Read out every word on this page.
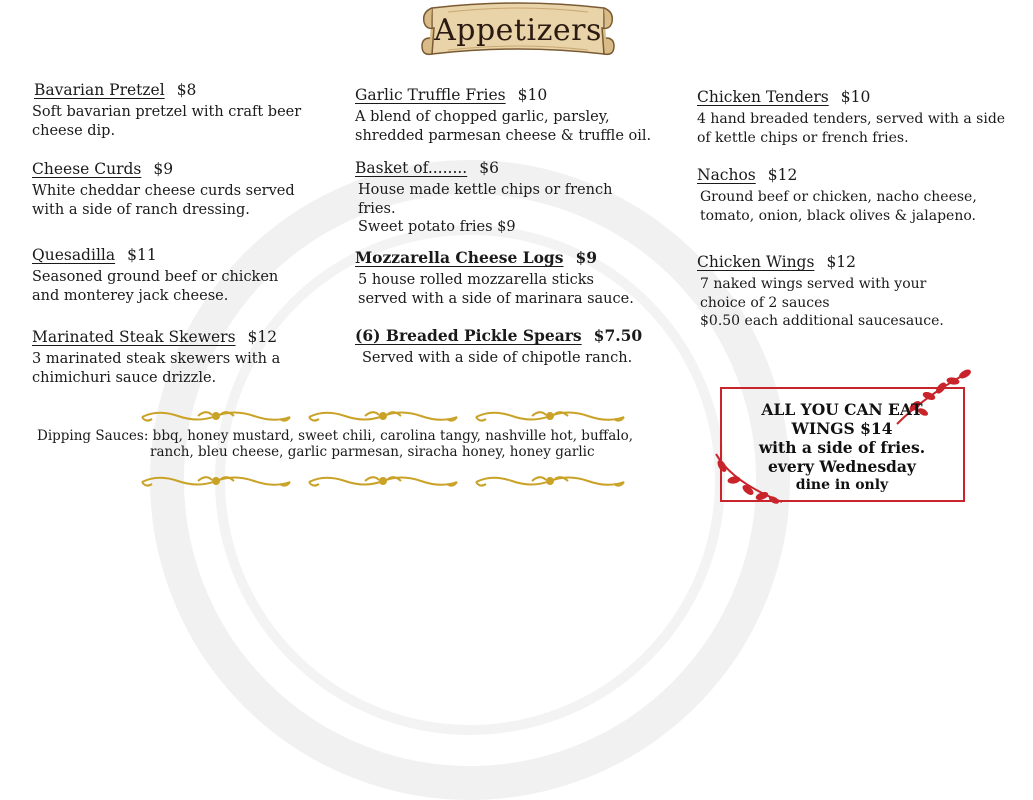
Appetizers
Bavarian Pretzel $8
Soft bavarian pretzel with craft beer
cheese dip.
Cheese Curds $9
White cheddar cheese curds served
with a side of ranch dressing.
Quesadilla $11
Seasoned ground beef or chicken
and monterey jack cheese.
Marinated Steak Skewers $12
3 marinated steak skewers with a
chimichuri sauce drizzle.
Garlic Truffle Fries $10
A blend of chopped garlic, parsley,
shredded parmesan cheese & truffle oil.
Basket of........ $6
House made kettle chips or french
fries.
Sweet potato fries $9
Mozzarella Cheese Logs $9
5 house rolled mozzarella sticks
served with a side of marinara sauce.
(6) Breaded Pickle Spears $7.50
Served with a side of chipotle ranch.
Chicken Tenders $10
4 hand breaded tenders, served with a side
of kettle chips or french fries.
Nachos $12
Ground beef or chicken, nacho cheese,
tomato, onion, black olives & jalapeno.
Chicken Wings $12
7 naked wings served with your
choice of 2 sauces
$0.50 each additional saucesauce.
Dipping Sauces: bbq, honey mustard, sweet chili, carolina tangy, nashville hot, buffalo,
ranch, bleu cheese, garlic parmesan, siracha honey, honey garlic
ALL YOU CAN EAT
WINGS $14
with a side of fries.
every Wednesday
dine in only
